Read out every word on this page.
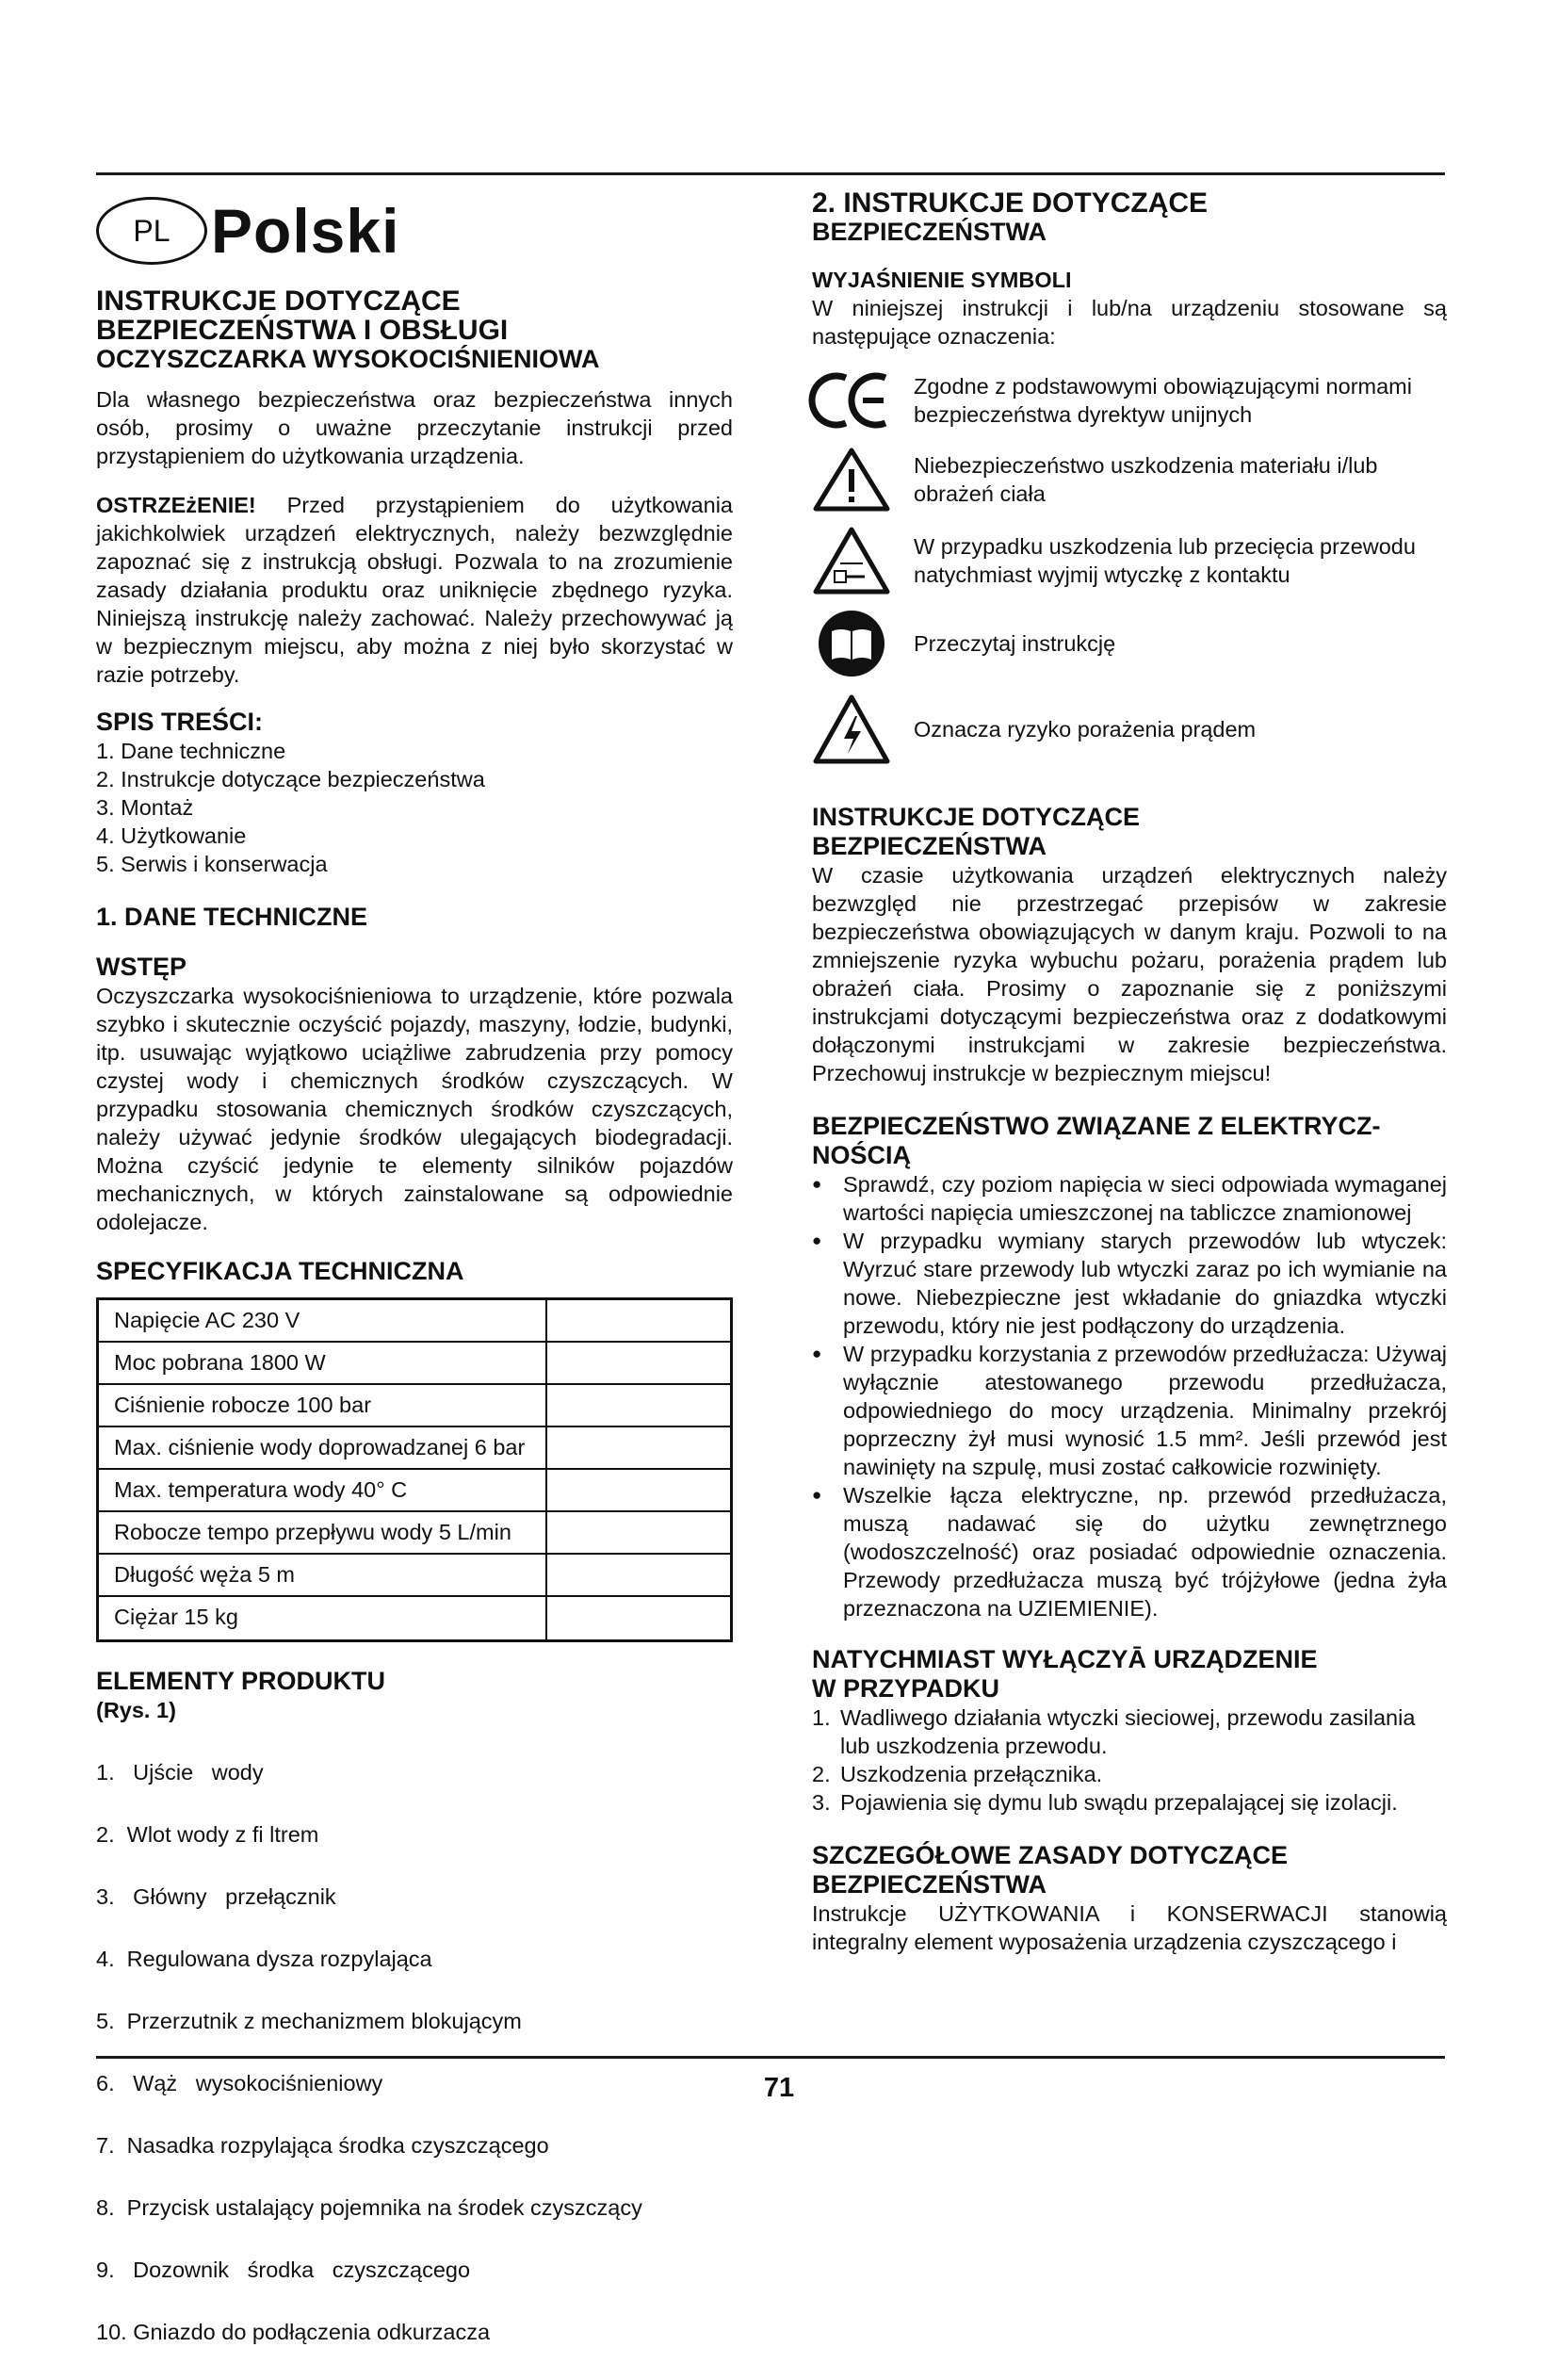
PL Polski
INSTRUKCJE DOTYCZĄCE
BEZPIECZEŃSTWA I OBSŁUGI
OCZYSZCZARKA WYSOKOCIŚNIENIOWA

Dla własnego bezpieczeństwa oraz bezpieczeństwa innych osób, prosimy o uważne przeczytanie instrukcji przed przystąpieniem do użytkowania urządzenia.

OSTRZEżENIE! Przed przystąpieniem do użytkowania jakichkolwiek urządzeń elektrycznych, należy bezwzględnie zapoznać się z instrukcją obsługi. Pozwala to na zrozumienie zasady działania produktu oraz uniknięcie zbędnego ryzyka. Niniejszą instrukcję należy zachować. Należy przechowywać ją w bezpiecznym miejscu, aby można z niej było skorzystać w razie potrzeby.

SPIS TREŚCI:
1. Dane techniczne
2. Instrukcje dotyczące bezpieczeństwa
3. Montaż
4. Użytkowanie
5. Serwis i konserwacja
1. DANE TECHNICZNE
WSTĘP

Oczyszczarka wysokociśnieniowa to urządzenie, które pozwala szybko i skutecznie oczyścić pojazdy, maszyny, łodzie, budynki, itp. usuwając wyjątkowo uciążliwe zabrudzenia przy pomocy czystej wody i chemicznych środków czyszczących. W przypadku stosowania chemicznych środków czyszczących, należy używać jedynie środków ulegających biodegradacji. Można czyścić jedynie te elementy silników pojazdów mechanicznych, w których zainstalowane są odpowiednie odolejacze.

SPECYFIKACJA TECHNICZNA
Napięcie AC 230 V
Moc pobrana 1800 W
Ciśnienie robocze 100 bar
Max. ciśnienie wody doprowadzanej 6 bar
Max. temperatura wody 40° C
Robocze tempo przepływu wody 5 L/min
Długość węża 5 m
Ciężar 15 kg
ELEMENTY PRODUKTU
(Rys. 1)

1.   Ujście   wody

2.  Wlot wody z fi ltrem

3.   Główny   przełącznik

4.  Regulowana dysza rozpylająca

5.  Przerzutnik z mechanizmem blokującym

6.   Wąż   wysokociśnieniowy

7.  Nasadka rozpylająca środka czyszczącego

8.  Przycisk ustalający pojemnika na środek czyszczący

9.   Dozownik   środka   czyszczącego

10. Gniazdo do podłączenia odkurzacza

2. INSTRUKCJE DOTYCZĄCE
BEZPIECZEŃSTWA
WYJAŚNIENIE SYMBOLI

W niniejszej instrukcji i lub/na urządzeniu stosowane są następujące oznaczenia:

Zgodne z podstawowymi obowiązującymi normami bezpieczeństwa dyrektyw unijnych

Niebezpieczeństwo uszkodzenia materiału i/lub obrażeń ciała

W przypadku uszkodzenia lub przecięcia przewodu natychmiast wyjmij wtyczkę z kontaktu

Przeczytaj instrukcję

Oznacza ryzyko porażenia prądem

INSTRUKCJE DOTYCZĄCE
BEZPIECZEŃSTWA

W czasie użytkowania urządzeń elektrycznych należy bezwzględ nie przestrzegać przepisów w zakresie bezpieczeństwa obowiązujących w danym kraju. Pozwoli to na zmniejszenie ryzyka wybuchu pożaru, porażenia prądem lub obrażeń ciała. Prosimy o zapoznanie się z poniższymi instrukcjami dotyczącymi bezpieczeństwa oraz z dodatkowymi dołączonymi instrukcjami w zakresie bezpieczeństwa. Przechowuj instrukcje w bezpiecznym miejscu!

BEZPIECZEŃSTWO ZWIĄZANE Z ELEKTRYCZ-
NOŚCIĄ
● Sprawdź, czy poziom napięcia w sieci odpowiada wymaganej wartości napięcia umieszczonej na tabliczce znamionowej
● W przypadku wymiany starych przewodów lub wtyczek: Wyrzuć stare przewody lub wtyczki zaraz po ich wymianie na nowe. Niebezpieczne jest wkładanie do gniazdka wtyczki przewodu, który nie jest podłączony do urządzenia.
● W przypadku korzystania z przewodów przedłużacza: Używaj wyłącznie atestowanego przewodu przedłużacza, odpowiedniego do mocy urządzenia. Minimalny przekrój poprzeczny żył musi wynosić 1.5 mm². Jeśli przewód jest nawinięty na szpulę, musi zostać całkowicie rozwinięty.
● Wszelkie łącza elektryczne, np. przewód przedłużacza, muszą nadawać się do użytku zewnętrznego (wodoszczelność) oraz posiadać odpowiednie oznaczenia. Przewody przedłużacza muszą być trójżyłowe (jedna żyła przeznaczona na UZIEMIENIE).
NATYCHMIAST WYŁĄCZYĀ URZĄDZENIE
W PRZYPADKU
1. Wadliwego działania wtyczki sieciowej, przewodu zasilania lub uszkodzenia przewodu.
2. Uszkodzenia przełącznika.
3. Pojawienia się dymu lub swądu przepalającej się izolacji.
SZCZEGÓŁOWE ZASADY DOTYCZĄCE
BEZPIECZEŃSTWA

Instrukcje UŻYTKOWANIA i KONSERWACJI stanowią integralny element wyposażenia urządzenia czyszczącego i

71
